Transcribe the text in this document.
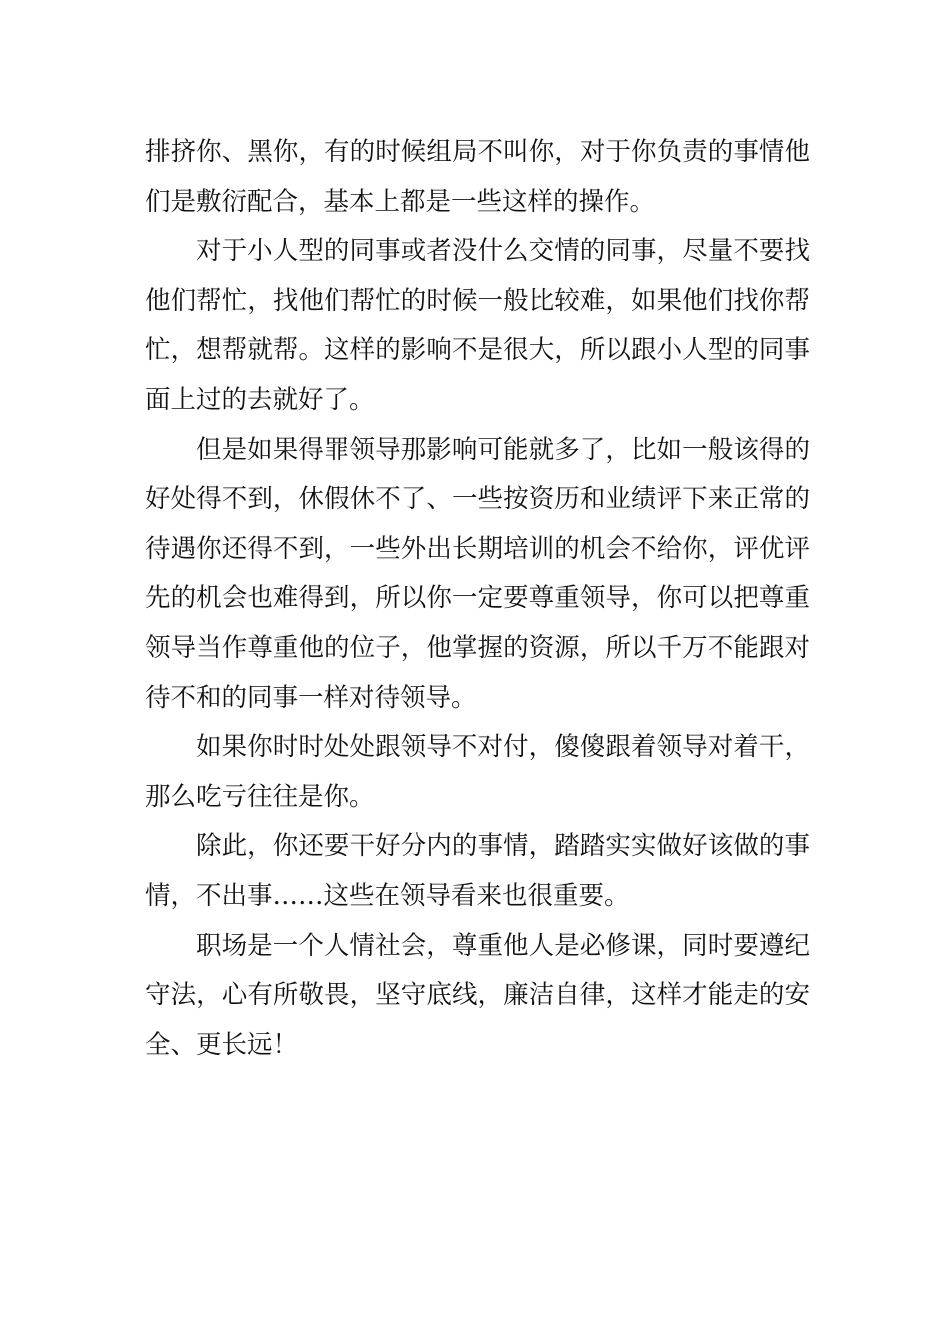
排挤你、黑你，有的时候组局不叫你，对于你负责的事情他们是敷衍配合，基本上都是一些这样的操作。

对于小人型的同事或者没什么交情的同事，尽量不要找他们帮忙，找他们帮忙的时候一般比较难，如果他们找你帮忙，想帮就帮。这样的影响不是很大，所以跟小人型的同事面上过的去就好了。

但是如果得罪领导那影响可能就多了，比如一般该得的好处得不到，休假休不了、一些按资历和业绩评下来正常的待遇你还得不到，一些外出长期培训的机会不给你，评优评先的机会也难得到，所以你一定要尊重领导，你可以把尊重领导当作尊重他的位子，他掌握的资源，所以千万不能跟对待不和的同事一样对待领导。

如果你时时处处跟领导不对付，傻傻跟着领导对着干，那么吃亏往往是你。

除此，你还要干好分内的事情，踏踏实实做好该做的事情，不出事……这些在领导看来也很重要。

职场是一个人情社会，尊重他人是必修课，同时要遵纪守法，心有所敬畏，坚守底线，廉洁自律，这样才能走的安全、更长远！
